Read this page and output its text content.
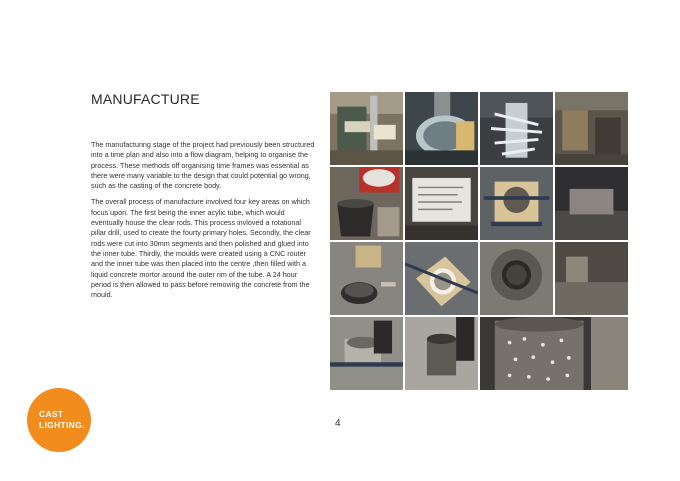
MANUFACTURE

The manufacturing stage of the project had previously been structured into a time plan and also into a flow diagram, helping to organise the process. These methods off organising time frames was essential as there were many variable to the design that could potential go wrong, such as the casting of the concrete body.

The overall process of manufacture involved four key areas on which focus upon. The first being the inner acylic tube, which would eventually house the clear rods. This process invloved a rotational pillar drill, used to create the fourty primary holes. Secondly, the clear rods were cut into 30mm segments and then polished and glued into the inner tube. Thirdly, the moulds were created using a CNC router and the inner tube was then placed into the centre ,then filled with a liquid concrete mortor around the outer rim of the tube. A 24 hour period is then allowed to pass before removing the concrete from the mould.

CAST
LIGHTING.	4
